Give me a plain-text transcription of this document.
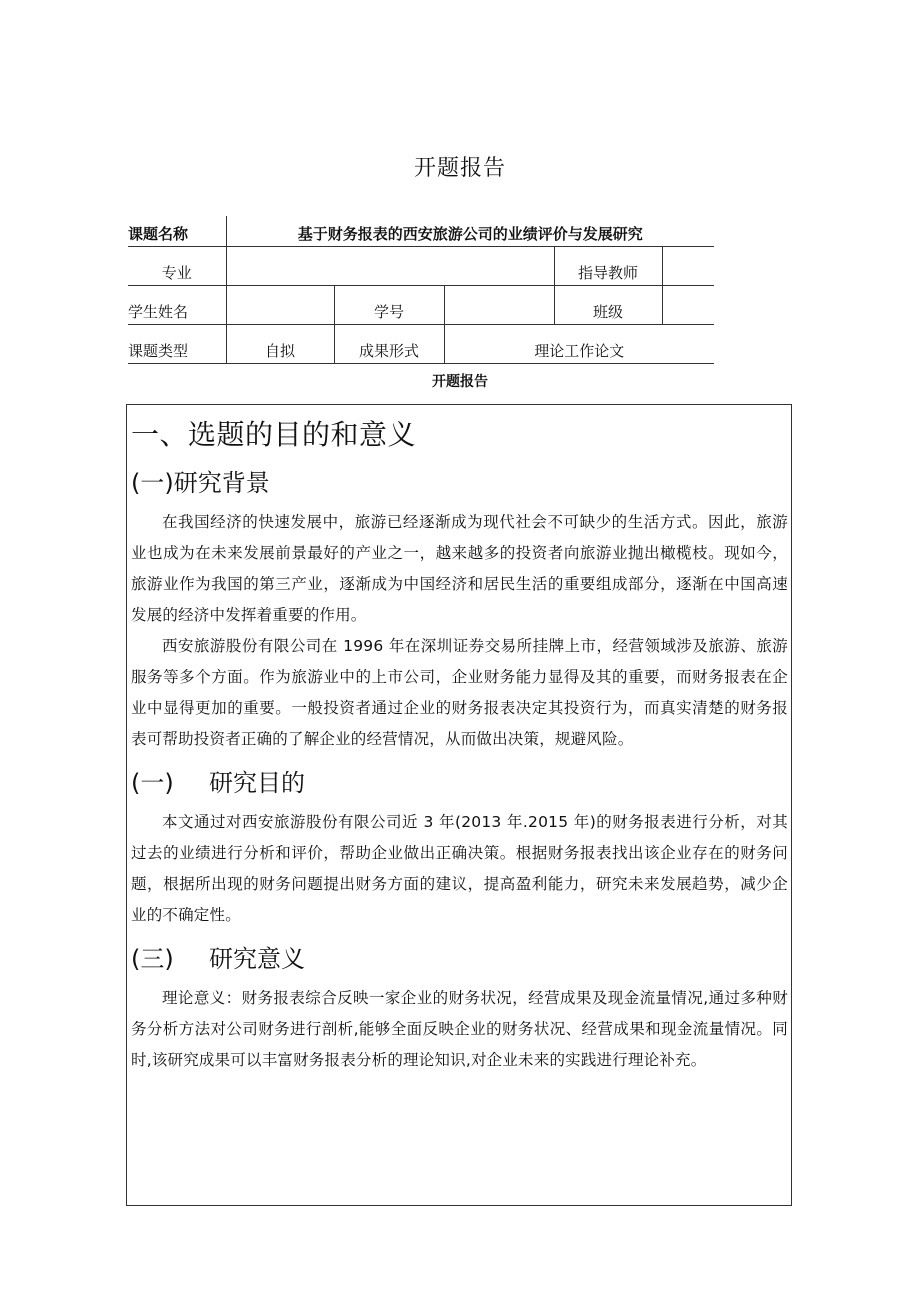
开题报告
课题名称	基于财务报表的西安旅游公司的业绩评价与发展研究				
专业				指导教师	
学生姓名		学号		班级	
课题类型	自拟	成果形式	理论工作论文		
开题报告
一、选题的目的和意义
(一)研究背景

在我国经济的快速发展中，旅游已经逐渐成为现代社会不可缺少的生活方式。因此，旅游业也成为在未来发展前景最好的产业之一，越来越多的投资者向旅游业抛出橄榄枝。现如今，旅游业作为我国的第三产业，逐渐成为中国经济和居民生活的重要组成部分，逐渐在中国高速发展的经济中发挥着重要的作用。

西安旅游股份有限公司在 1996 年在深圳证券交易所挂牌上市，经营领域涉及旅游、旅游服务等多个方面。作为旅游业中的上市公司，企业财务能力显得及其的重要，而财务报表在企业中显得更加的重要。一般投资者通过企业的财务报表决定其投资行为，而真实清楚的财务报表可帮助投资者正确的了解企业的经营情况，从而做出决策，规避风险。

(一) 研究目的

本文通过对西安旅游股份有限公司近 3 年(2013 年.2015 年)的财务报表进行分析，对其过去的业绩进行分析和评价，帮助企业做出正确决策。根据财务报表找出该企业存在的财务问题，根据所出现的财务问题提出财务方面的建议，提高盈利能力，研究未来发展趋势，减少企业的不确定性。

(三) 研究意义

理论意义：财务报表综合反映一家企业的财务状况，经营成果及现金流量情况,通过多种财务分析方法对公司财务进行剖析,能够全面反映企业的财务状况、经营成果和现金流量情况。同时,该研究成果可以丰富财务报表分析的理论知识,对企业未来的实践进行理论补充。
